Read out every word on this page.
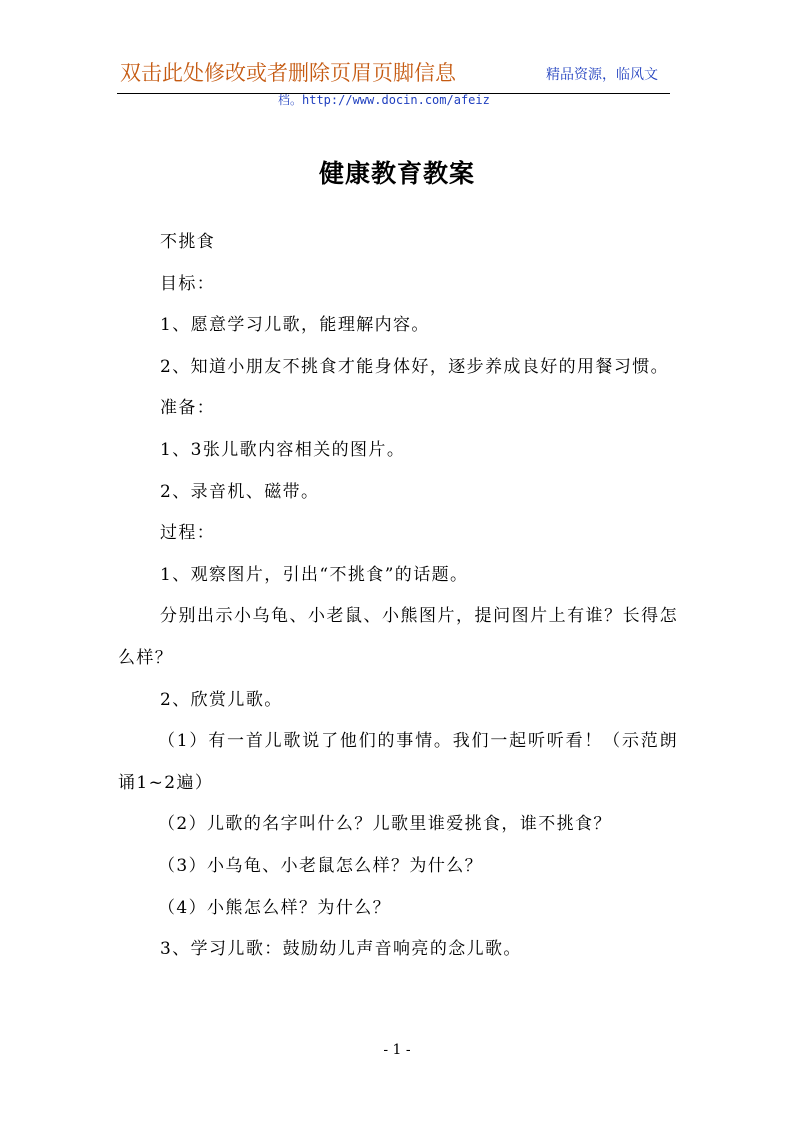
双击此处修改或者删除页眉页脚信息	精品资源，临风文
档。http://www.docin.com/afeiz
健康教育教案

不挑食

目标：

1、愿意学习儿歌，能理解内容。

2、知道小朋友不挑食才能身体好，逐步养成良好的用餐习惯。

准备：

1、3张儿歌内容相关的图片。

2、录音机、磁带。

过程：

1、观察图片，引出“不挑食”的话题。

分别出示小乌龟、小老鼠、小熊图片，提问图片上有谁？长得怎么样？

2、欣赏儿歌。

（1）有一首儿歌说了他们的事情。我们一起听听看！（示范朗诵1~2遍）

（2）儿歌的名字叫什么？儿歌里谁爱挑食，谁不挑食？

（3）小乌龟、小老鼠怎么样？为什么？

（4）小熊怎么样？为什么？

3、学习儿歌：鼓励幼儿声音响亮的念儿歌。

- 1 -
